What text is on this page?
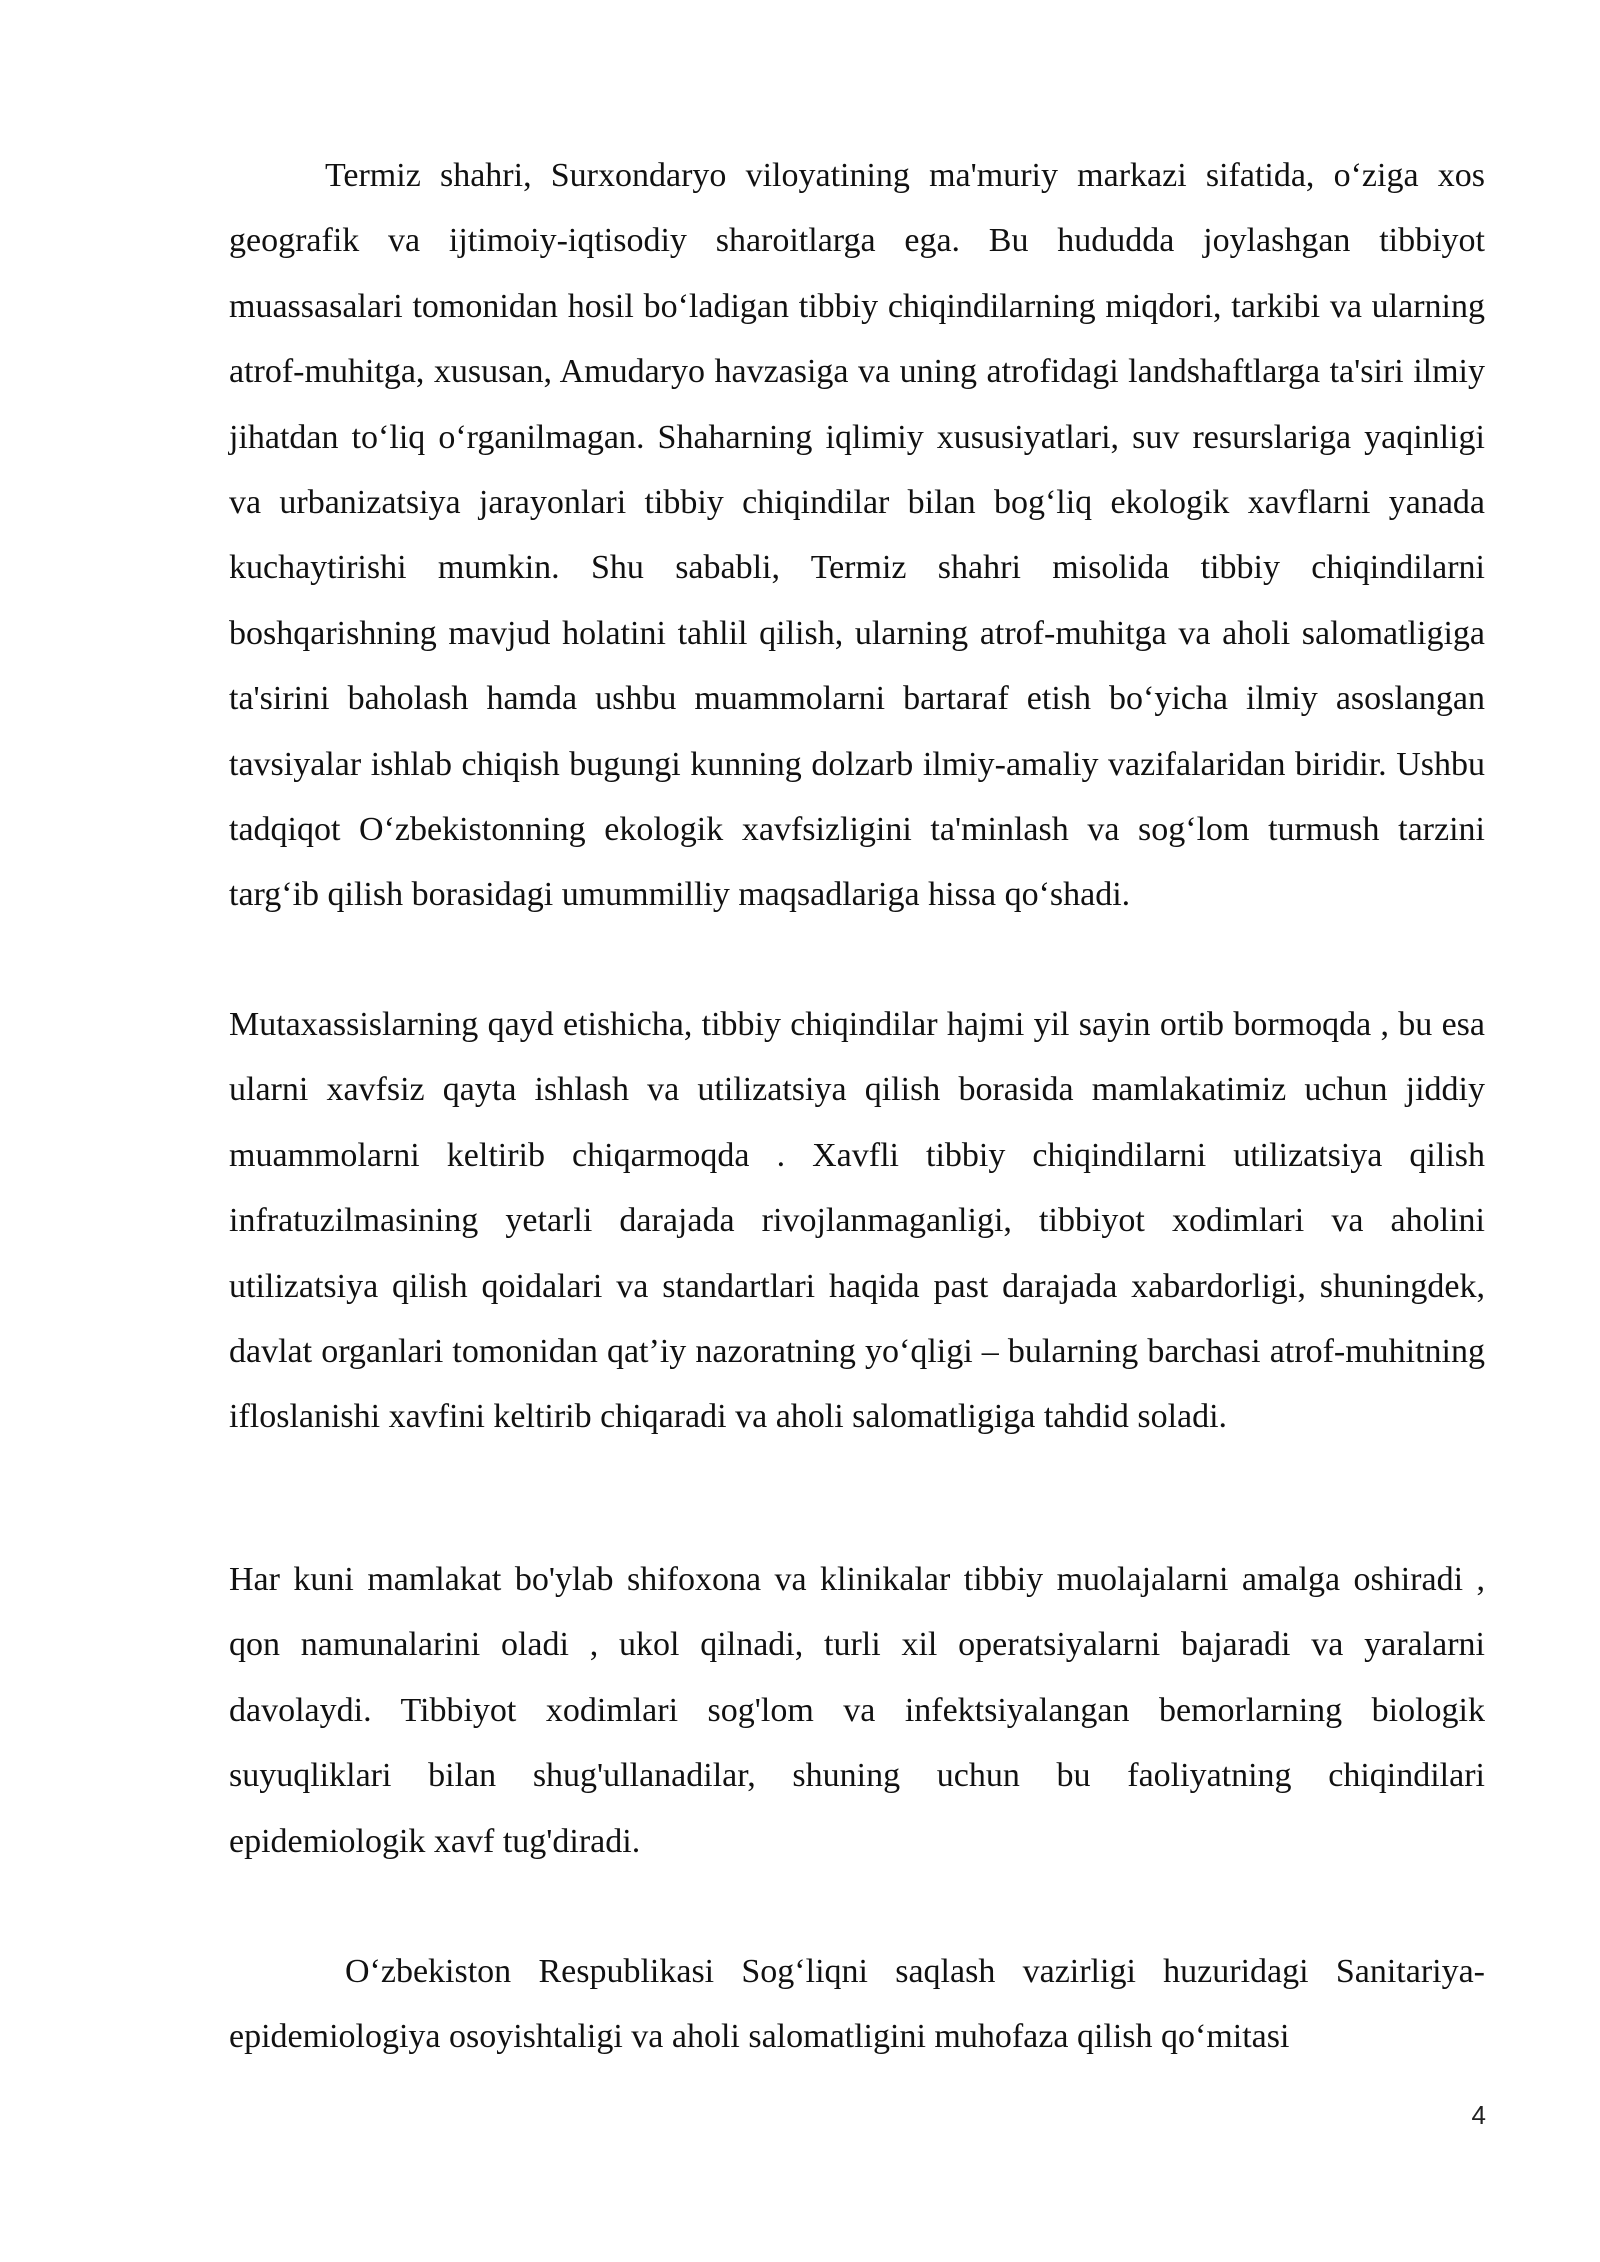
Termiz shahri, Surxondaryo viloyatining ma'muriy markazi sifatida, o‘ziga xos geografik va ijtimoiy-iqtisodiy sharoitlarga ega. Bu hududda joylashgan tibbiyot muassasalari tomonidan hosil bo‘ladigan tibbiy chiqindilarning miqdori, tarkibi va ularning atrof-muhitga, xususan, Amudaryo havzasiga va uning atrofidagi landshaftlarga ta'siri ilmiy jihatdan to‘liq o‘rganilmagan. Shaharning iqlimiy xususiyatlari, suv resurslariga yaqinligi va urbanizatsiya jarayonlari tibbiy chiqindilar bilan bog‘liq ekologik xavflarni yanada kuchaytirishi mumkin. Shu sababli, Termiz shahri misolida tibbiy chiqindilarni boshqarishning mavjud holatini tahlil qilish, ularning atrof-muhitga va aholi salomatligiga ta'sirini baholash hamda ushbu muammolarni bartaraf etish bo‘yicha ilmiy asoslangan tavsiyalar ishlab chiqish bugungi kunning dolzarb ilmiy-amaliy vazifalaridan biridir. Ushbu tadqiqot O‘zbekistonning ekologik xavfsizligini ta'minlash va sog‘lom turmush tarzini targ‘ib qilish borasidagi umummilliy maqsadlariga hissa qo‘shadi.

Mutaxassislarning qayd etishicha, tibbiy chiqindilar hajmi yil sayin ortib bormoqda , bu esa ularni xavfsiz qayta ishlash va utilizatsiya qilish borasida mamlakatimiz uchun jiddiy muammolarni keltirib chiqarmoqda . Xavfli tibbiy chiqindilarni utilizatsiya qilish infratuzilmasining yetarli darajada rivojlanmaganligi, tibbiyot xodimlari va aholini utilizatsiya qilish qoidalari va standartlari haqida past darajada xabardorligi, shuningdek, davlat organlari tomonidan qat’iy nazoratning yo‘qligi – bularning barchasi atrof-muhitning ifloslanishi xavfini keltirib chiqaradi va aholi salomatligiga tahdid soladi.

Har kuni mamlakat bo'ylab shifoxona va klinikalar tibbiy muolajalarni amalga oshiradi , qon namunalarini oladi , ukol qilnadi, turli xil operatsiyalarni bajaradi va yaralarni davolaydi. Tibbiyot xodimlari sog'lom va infektsiyalangan bemorlarning biologik suyuqliklari bilan shug'ullanadilar, shuning uchun bu faoliyatning chiqindilari epidemiologik xavf tug'diradi.

O‘zbekiston Respublikasi Sog‘liqni saqlash vazirligi huzuridagi Sanitariya-epidemiologiya osoyishtaligi va aholi salomatligini muhofaza qilish qo‘mitasi

4
